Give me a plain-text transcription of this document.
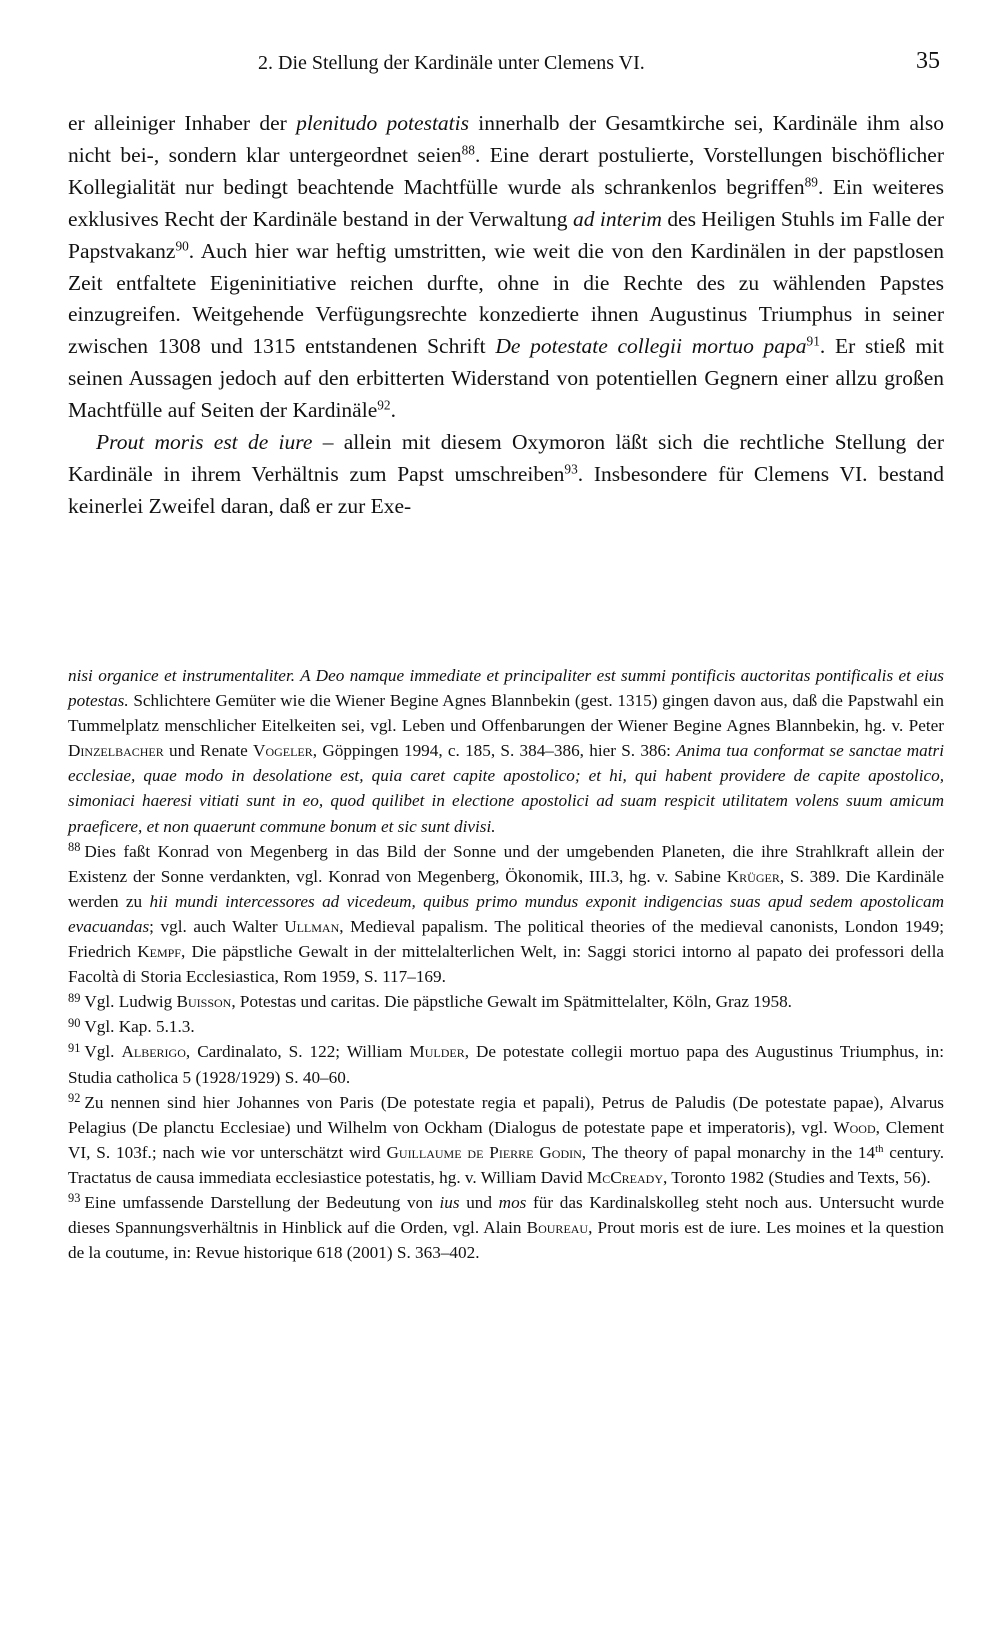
2. Die Stellung der Kardinäle unter Clemens VI.	35

er alleiniger Inhaber der plenitudo potestatis innerhalb der Gesamtkirche sei, Kardinäle ihm also nicht bei-, sondern klar untergeordnet seien$^{88}$. Eine derart postulierte, Vorstellungen bischöflicher Kollegialität nur bedingt beachtende Machtfülle wurde als schrankenlos begriffen$^{89}$. Ein weiteres exklusives Recht der Kardinäle bestand in der Verwaltung ad interim des Heiligen Stuhls im Falle der Papstvakanz$^{90}$. Auch hier war heftig umstritten, wie weit die von den Kardinälen in der papstlosen Zeit entfaltete Eigeninitiative reichen durfte, ohne in die Rechte des zu wählenden Papstes einzugreifen. Weitgehende Verfügungsrechte konzedierte ihnen Augustinus Triumphus in seiner zwischen 1308 und 1315 entstandenen Schrift De potestate collegii mortuo papa$^{91}$. Er stieß mit seinen Aussagen jedoch auf den erbitterten Widerstand von potentiellen Gegnern einer allzu großen Machtfülle auf Seiten der Kardinäle$^{92}$.

Prout moris est de iure – allein mit diesem Oxymoron läßt sich die rechtliche Stellung der Kardinäle in ihrem Verhältnis zum Papst umschreiben$^{93}$. Insbesondere für Clemens VI. bestand keinerlei Zweifel daran, daß er zur Exe-

nisi organice et instrumentaliter. A Deo namque immediate et principaliter est summi pontificis auctoritas pontificalis et eius potestas. Schlichtere Gemüter wie die Wiener Begine Agnes Blannbekin (gest. 1315) gingen davon aus, daß die Papstwahl ein Tummelplatz menschlicher Eitelkeiten sei, vgl. Leben und Offenbarungen der Wiener Begine Agnes Blannbekin, hg. v. Peter Dinzelbacher und Renate Vogeler, Göppingen 1994, c. 185, S. 384–386, hier S. 386: Anima tua conformat se sanctae matri ecclesiae, quae modo in desolatione est, quia caret capite apostolico; et hi, qui habent providere de capite apostolico, simoniaci haeresi vitiati sunt in eo, quod quilibet in electione apostolici ad suam respicit utilitatem volens suum amicum praeficere, et non quaerunt commune bonum et sic sunt divisi.

$^{88}$ Dies faßt Konrad von Megenberg in das Bild der Sonne und der umgebenden Planeten, die ihre Strahlkraft allein der Existenz der Sonne verdankten, vgl. Konrad von Megenberg, Ökonomik, III.3, hg. v. Sabine Krüger, S. 389. Die Kardinäle werden zu hii mundi intercessores ad vicedeum, quibus primo mundus exponit indigencias suas apud sedem apostolicam evacuandas; vgl. auch Walter Ullman, Medieval papalism. The political theories of the medieval canonists, London 1949; Friedrich Kempf, Die päpstliche Gewalt in der mittelalterlichen Welt, in: Saggi storici intorno al papato dei professori della Facoltà di Storia Ecclesiastica, Rom 1959, S. 117–169.

$^{89}$ Vgl. Ludwig Buisson, Potestas und caritas. Die päpstliche Gewalt im Spätmittelalter, Köln, Graz 1958.

$^{90}$ Vgl. Kap. 5.1.3.

$^{91}$ Vgl. Alberigo, Cardinalato, S. 122; William Mulder, De potestate collegii mortuo papa des Augustinus Triumphus, in: Studia catholica 5 (1928/1929) S. 40–60.

$^{92}$ Zu nennen sind hier Johannes von Paris (De potestate regia et papali), Petrus de Paludis (De potestate papae), Alvarus Pelagius (De planctu Ecclesiae) und Wilhelm von Ockham (Dialogus de potestate pape et imperatoris), vgl. Wood, Clement VI, S. 103f.; nach wie vor unterschätzt wird Guillaume de Pierre Godin, The theory of papal monarchy in the 14th century. Tractatus de causa immediata ecclesiastice potestatis, hg. v. William David McCready, Toronto 1982 (Studies and Texts, 56).

$^{93}$ Eine umfassende Darstellung der Bedeutung von ius und mos für das Kardinalskolleg steht noch aus. Untersucht wurde dieses Spannungsverhältnis in Hinblick auf die Orden, vgl. Alain Boureau, Prout moris est de iure. Les moines et la question de la coutume, in: Revue historique 618 (2001) S. 363–402.
